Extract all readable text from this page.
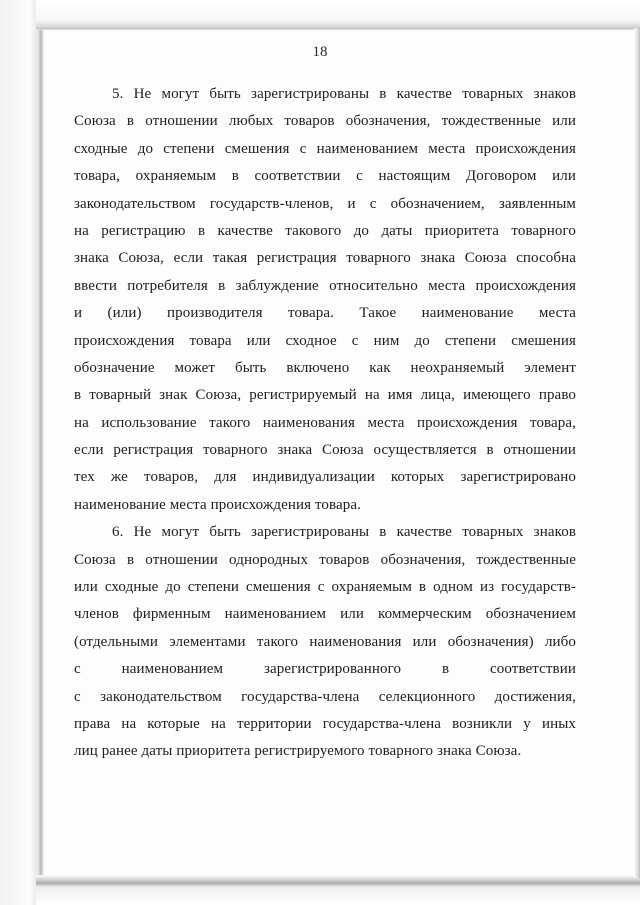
18
5. Не могут быть зарегистрированы в качестве товарных знаков
Союза в отношении любых товаров обозначения, тождественные или
сходные до степени смешения с наименованием места происхождения
товара, охраняемым в соответствии с настоящим Договором или
законодательством государств-членов, и с обозначением, заявленным
на регистрацию в качестве такового до даты приоритета товарного
знака Союза, если такая регистрация товарного знака Союза способна
ввести потребителя в заблуждение относительно места происхождения
и (или) производителя товара. Такое наименование места
происхождения товара или сходное с ним до степени смешения
обозначение может быть включено как неохраняемый элемент
в товарный знак Союза, регистрируемый на имя лица, имеющего право
на использование такого наименования места происхождения товара,
если регистрация товарного знака Союза осуществляется в отношении
тех же товаров, для индивидуализации которых зарегистрировано
наименование места происхождения товара.
6. Не могут быть зарегистрированы в качестве товарных знаков
Союза в отношении однородных товаров обозначения, тождественные
или сходные до степени смешения с охраняемым в одном из государств-
членов фирменным наименованием или коммерческим обозначением
(отдельными элементами такого наименования или обозначения) либо
с наименованием зарегистрированного в соответствии
с законодательством государства-члена селекционного достижения,
права на которые на территории государства-члена возникли у иных
лиц ранее даты приоритета регистрируемого товарного знака Союза.
